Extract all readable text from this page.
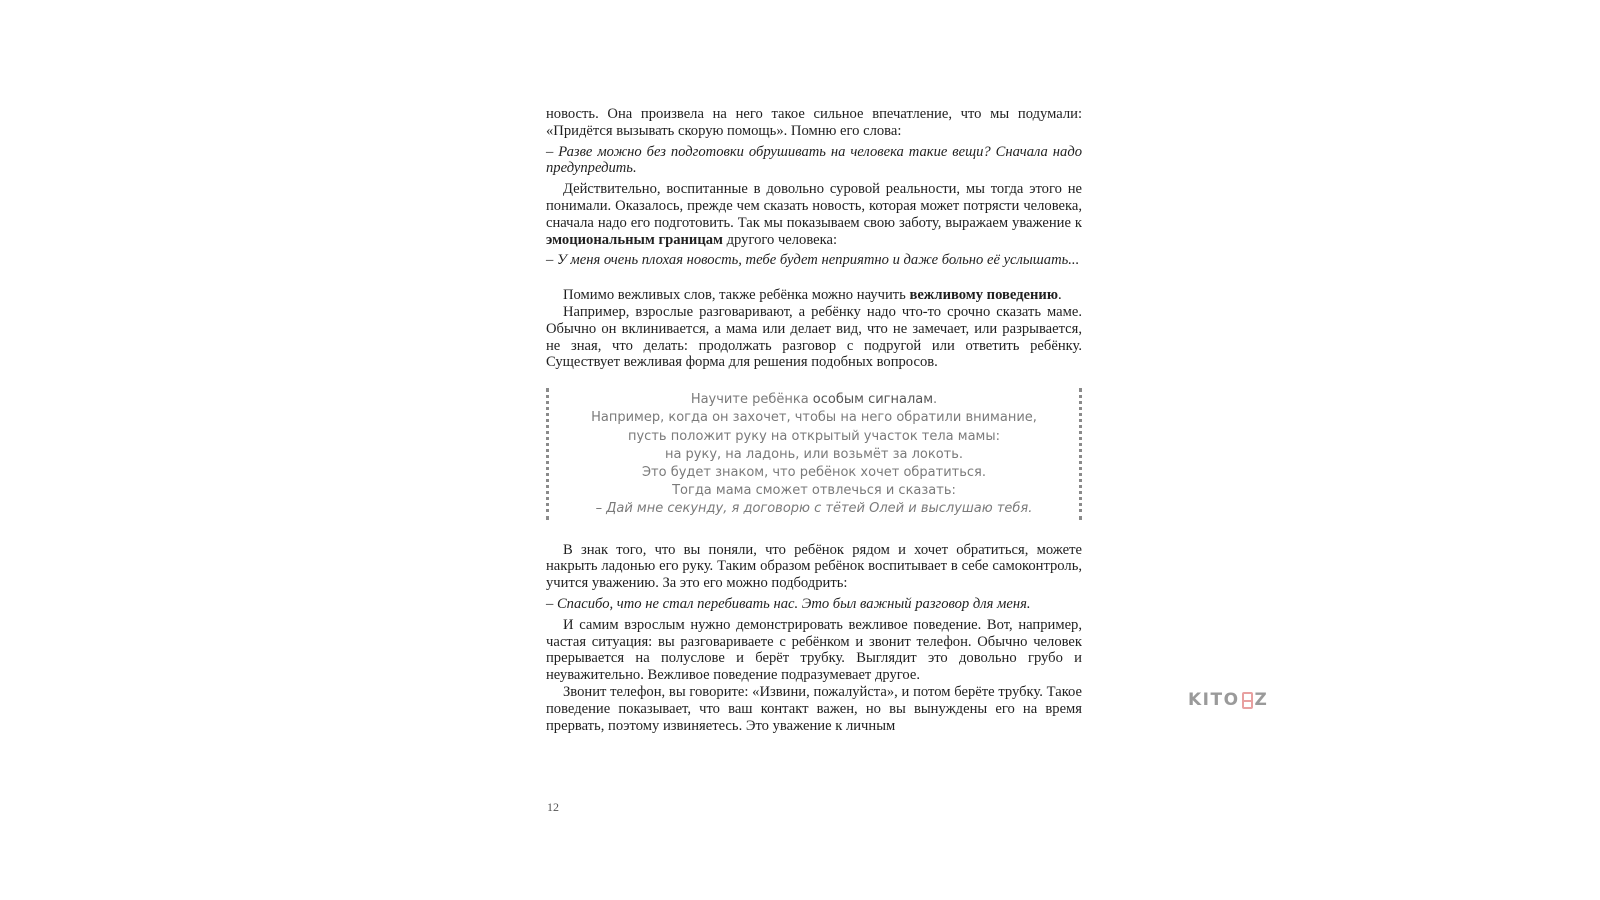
новость. Она произвела на него такое сильное впечатление, что мы подумали: «Придётся вызывать скорую помощь». Помню его слова:

– Разве можно без подготовки обрушивать на человека такие вещи? Сначала надо предупредить.

Действительно, воспитанные в довольно суровой реальности, мы тогда этого не понимали. Оказалось, прежде чем сказать новость, которая может потрясти человека, сначала надо его подготовить. Так мы показываем свою заботу, выражаем уважение к эмоциональным границам другого человека:

– У меня очень плохая новость, тебе будет неприятно и даже больно её услышать...

Помимо вежливых слов, также ребёнка можно научить вежливому поведению.

Например, взрослые разговаривают, а ребёнку надо что-то срочно сказать маме. Обычно он вклинивается, а мама или делает вид, что не замечает, или разрывается, не зная, что делать: продолжать разговор с подругой или ответить ребёнку. Существует вежливая форма для решения подобных вопросов.

Научите ребёнка особым сигналам.
Например, когда он захочет, чтобы на него обратили внимание,
пусть положит руку на открытый участок тела мамы:
на руку, на ладонь, или возьмёт за локоть.
Это будет знаком, что ребёнок хочет обратиться.
Тогда мама сможет отвлечься и сказать:
– Дай мне секунду, я договорю с тётей Олей и выслушаю тебя.

В знак того, что вы поняли, что ребёнок рядом и хочет обратиться, можете накрыть ладонью его руку. Таким образом ребёнок воспитывает в себе самоконтроль, учится уважению. За это его можно подбодрить:

– Спасибо, что не стал перебивать нас. Это был важный разговор для меня.

И самим взрослым нужно демонстрировать вежливое поведение. Вот, например, частая ситуация: вы разговариваете с ребёнком и звонит телефон. Обычно человек прерывается на полуслове и берёт трубку. Выглядит это довольно грубо и неуважительно. Вежливое поведение подразумевает другое.

Звонит телефон, вы говорите: «Извини, пожалуйста», и потом берёте трубку. Такое поведение показывает, что ваш контакт важен, но вы вынуждены его на время прервать, поэтому извиняетесь. Это уважение к личным

12
KITO Z
